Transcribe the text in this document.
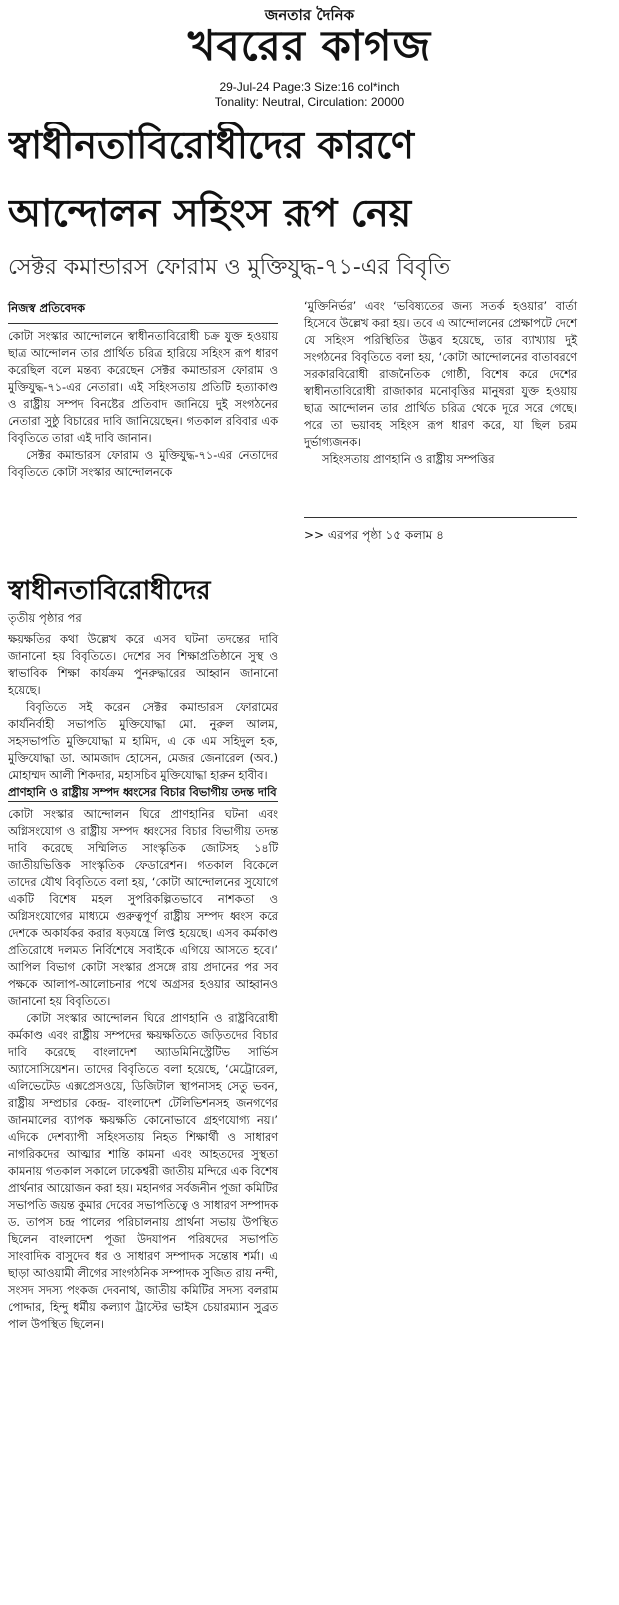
জনতার দৈনিক
খবরের কাগজ
29-Jul-24 Page:3 Size:16 col*inch
Tonality: Neutral, Circulation: 20000
স্বাধীনতাবিরোধীদের কারণে
আন্দোলন সহিংস রূপ নেয়
সেক্টর কমান্ডারস ফোরাম ও মুক্তিযুদ্ধ-৭১-এর বিবৃতি
নিজস্ব প্রতিবেদক

কোটা সংস্কার আন্দোলনে স্বাধীনতাবিরোধী চক্র যুক্ত হওয়ায় ছাত্র আন্দোলন তার প্রার্থিত চরিত্র হারিয়ে সহিংস রূপ ধারণ করেছিল বলে মন্তব্য করেছেন সেক্টর কমান্ডারস ফোরাম ও মুক্তিযুদ্ধ-৭১-এর নেতারা। এই সহিংসতায় প্রতিটি হত্যাকাণ্ড ও রাষ্ট্রীয় সম্পদ বিনষ্টের প্রতিবাদ জানিয়ে দুই সংগঠনের নেতারা সুষ্ঠু বিচারের দাবি জানিয়েছেন। গতকাল রবিবার এক বিবৃতিতে তারা এই দাবি জানান।

সেক্টর কমান্ডারস ফোরাম ও মুক্তিযুদ্ধ-৭১-এর নেতাদের বিবৃতিতে কোটা সংস্কার আন্দোলনকে

‘মুক্তিনির্ভর’ এবং ‘ভবিষ্যতের জন্য সতর্ক হওয়ার’ বার্তা হিসেবে উল্লেখ করা হয়। তবে এ আন্দোলনের প্রেক্ষাপটে দেশে যে সহিংস পরিস্থিতির উদ্ভব হয়েছে, তার ব্যাখ্যায় দুই সংগঠনের বিবৃতিতে বলা হয়, ‘কোটা আন্দোলনের বাতাবরণে সরকারবিরোধী রাজনৈতিক গোষ্ঠী, বিশেষ করে দেশের স্বাধীনতাবিরোধী রাজাকার মনোবৃত্তির মানুষরা যুক্ত হওয়ায় ছাত্র আন্দোলন তার প্রার্থিত চরিত্র থেকে দূরে সরে গেছে। পরে তা ভয়াবহ সহিংস রূপ ধারণ করে, যা ছিল চরম দুর্ভাগ্যজনক।

সহিংসতায় প্রাণহানি ও রাষ্ট্রীয় সম্পত্তির

>> এরপর পৃষ্ঠা ১৫ কলাম ৪
স্বাধীনতাবিরোধীদের
তৃতীয় পৃষ্ঠার পর

ক্ষয়ক্ষতির কথা উল্লেখ করে এসব ঘটনা তদন্তের দাবি জানানো হয় বিবৃতিতে। দেশের সব শিক্ষাপ্রতিষ্ঠানে সুস্থ ও স্বাভাবিক শিক্ষা কার্যক্রম পুনরুদ্ধারের আহ্বান জানানো হয়েছে।

বিবৃতিতে সই করেন সেক্টর কমান্ডারস ফোরামের কার্যনির্বাহী সভাপতি মুক্তিযোদ্ধা মো. নুরুল আলম, সহসভাপতি মুক্তিযোদ্ধা ম হামিদ, এ কে এম সহিদুল হক, মুক্তিযোদ্ধা ডা. আমজাদ হোসেন, মেজর জেনারেল (অব.) মোহাম্মদ আলী শিকদার, মহাসচিব মুক্তিযোদ্ধা হারুন হাবীব।

প্রাণহানি ও রাষ্ট্রীয় সম্পদ ধ্বংসের বিচার বিভাগীয় তদন্ত দাবি

কোটা সংস্কার আন্দোলন ঘিরে প্রাণহানির ঘটনা এবং অগ্নিসংযোগ ও রাষ্ট্রীয় সম্পদ ধ্বংসের বিচার বিভাগীয় তদন্ত দাবি করেছে সম্মিলিত সাংস্কৃতিক জোটসহ ১৪টি জাতীয়ভিত্তিক সাংস্কৃতিক ফেডারেশন। গতকাল বিকেলে তাদের যৌথ বিবৃতিতে বলা হয়, ‘কোটা আন্দোলনের সুযোগে একটি বিশেষ মহল সুপরিকল্পিতভাবে নাশকতা ও অগ্নিসংযোগের মাধ্যমে গুরুত্বপূর্ণ রাষ্ট্রীয় সম্পদ ধ্বংস করে দেশকে অকার্যকর করার ষড়যন্ত্রে লিপ্ত হয়েছে। এসব কর্মকাণ্ড প্রতিরোধে দলমত নির্বিশেষে সবাইকে এগিয়ে আসতে হবে।’ আপিল বিভাগ কোটা সংস্কার প্রসঙ্গে রায় প্রদানের পর সব পক্ষকে আলাপ-আলোচনার পথে অগ্রসর হওয়ার আহ্বানও জানানো হয় বিবৃতিতে।

কোটা সংস্কার আন্দোলন ঘিরে প্রাণহানি ও রাষ্ট্রবিরোধী কর্মকাণ্ড এবং রাষ্ট্রীয় সম্পদের ক্ষয়ক্ষতিতে জড়িতদের বিচার দাবি করেছে বাংলাদেশ অ্যাডমিনিস্ট্রেটিভ সার্ভিস অ্যাসোসিয়েশন। তাদের বিবৃতিতে বলা হয়েছে, ‘মেট্রোরেল, এলিভেটেড এক্সপ্রেসওয়ে, ডিজিটাল স্থাপনাসহ সেতু ভবন, রাষ্ট্রীয় সম্প্রচার কেন্দ্র- বাংলাদেশ টেলিভিশনসহ জনগণের জানমালের ব্যাপক ক্ষয়ক্ষতি কোনোভাবে গ্রহণযোগ্য নয়।’ এদিকে দেশব্যাপী সহিংসতায় নিহত শিক্ষার্থী ও সাধারণ নাগরিকদের আত্মার শান্তি কামনা এবং আহতদের সুস্থতা কামনায় গতকাল সকালে ঢাকেশ্বরী জাতীয় মন্দিরে এক বিশেষ প্রার্থনার আয়োজন করা হয়। মহানগর সর্বজনীন পূজা কমিটির সভাপতি জয়ন্ত কুমার দেবের সভাপতিত্বে ও সাধারণ সম্পাদক ড. তাপস চন্দ্র পালের পরিচালনায় প্রার্থনা সভায় উপস্থিত ছিলেন বাংলাদেশ পূজা উদযাপন পরিষদের সভাপতি সাংবাদিক বাসুদেব ধর ও সাধারণ সম্পাদক সন্তোষ শর্মা। এ ছাড়া আওয়ামী লীগের সাংগঠনিক সম্পাদক সুজিত রায় নন্দী, সংসদ সদস্য পংকজ দেবনাথ, জাতীয় কমিটির সদস্য বলরাম পোদ্দার, হিন্দু ধর্মীয় কল্যাণ ট্রাস্টের ভাইস চেয়ারম্যান সুব্রত পাল উপস্থিত ছিলেন।
